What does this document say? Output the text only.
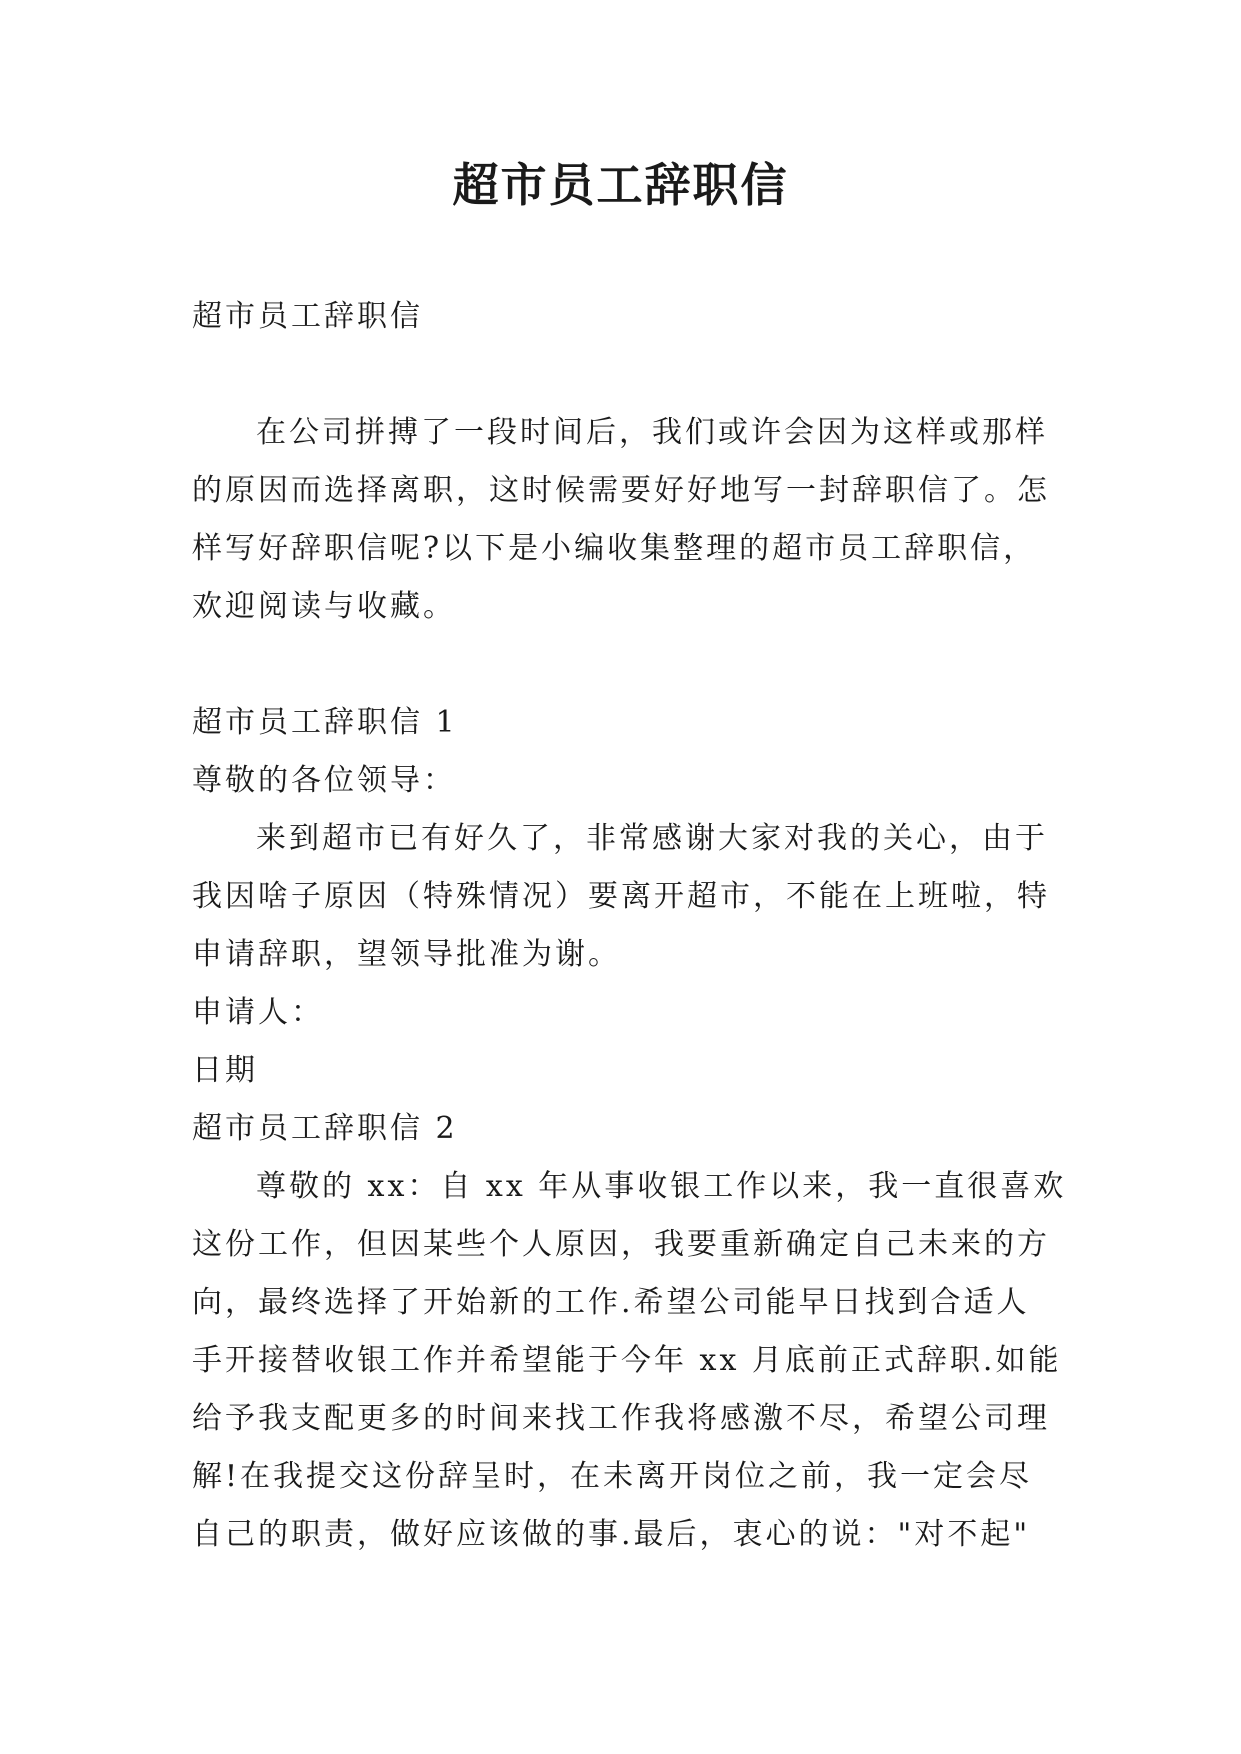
超市员工辞职信
超市员工辞职信
在公司拼搏了一段时间后，我们或许会因为这样或那样
的原因而选择离职，这时候需要好好地写一封辞职信了。怎
样写好辞职信呢?以下是小编收集整理的超市员工辞职信，
欢迎阅读与收藏。
超市员工辞职信 1
尊敬的各位领导：
来到超市已有好久了，非常感谢大家对我的关心，由于
我因啥子原因（特殊情况）要离开超市，不能在上班啦，特
申请辞职，望领导批准为谢。
申请人：
日期
超市员工辞职信 2
尊敬的 xx：自 xx 年从事收银工作以来，我一直很喜欢
这份工作，但因某些个人原因，我要重新确定自己未来的方
向，最终选择了开始新的工作.希望公司能早日找到合适人
手开接替收银工作并希望能于今年 xx 月底前正式辞职.如能
给予我支配更多的时间来找工作我将感激不尽，希望公司理
解!在我提交这份辞呈时，在未离开岗位之前，我一定会尽
自己的职责，做好应该做的事.最后，衷心的说："对不起"
